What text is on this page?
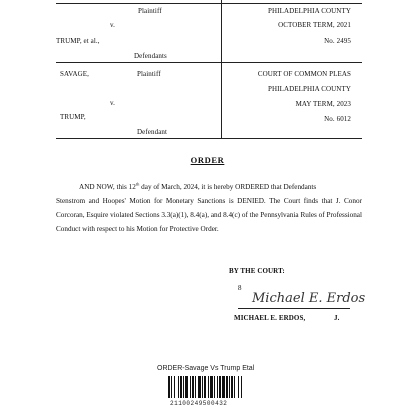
Plaintiff
v.
TRUMP, et al.,
Defendants
PHILADELPHIA COUNTY
OCTOBER TERM, 2021
No. 2495
SAVAGE,	Plaintiff
v.
TRUMP,
Defendant
COURT OF COMMON PLEAS
PHILADELPHIA COUNTY
MAY TERM, 2023
No. 6012
ORDER
AND NOW, this 12th day of March, 2024, it is hereby ORDERED that Defendants
Stenstrom and Hoopes' Motion for Monetary Sanctions is DENIED. The Court finds that J. Conor Corcoran, Esquire violated Sections 3.3(a)(1), 8.4(a), and 8.4(c) of the Pennsylvania Rules of Professional Conduct with respect to his Motion for Protective Order.
BY THE COURT:
8
Michael E. Erdos
MICHAEL E. ERDOS,	J.
ORDER-Savage Vs Trump Etal
21100249500432
